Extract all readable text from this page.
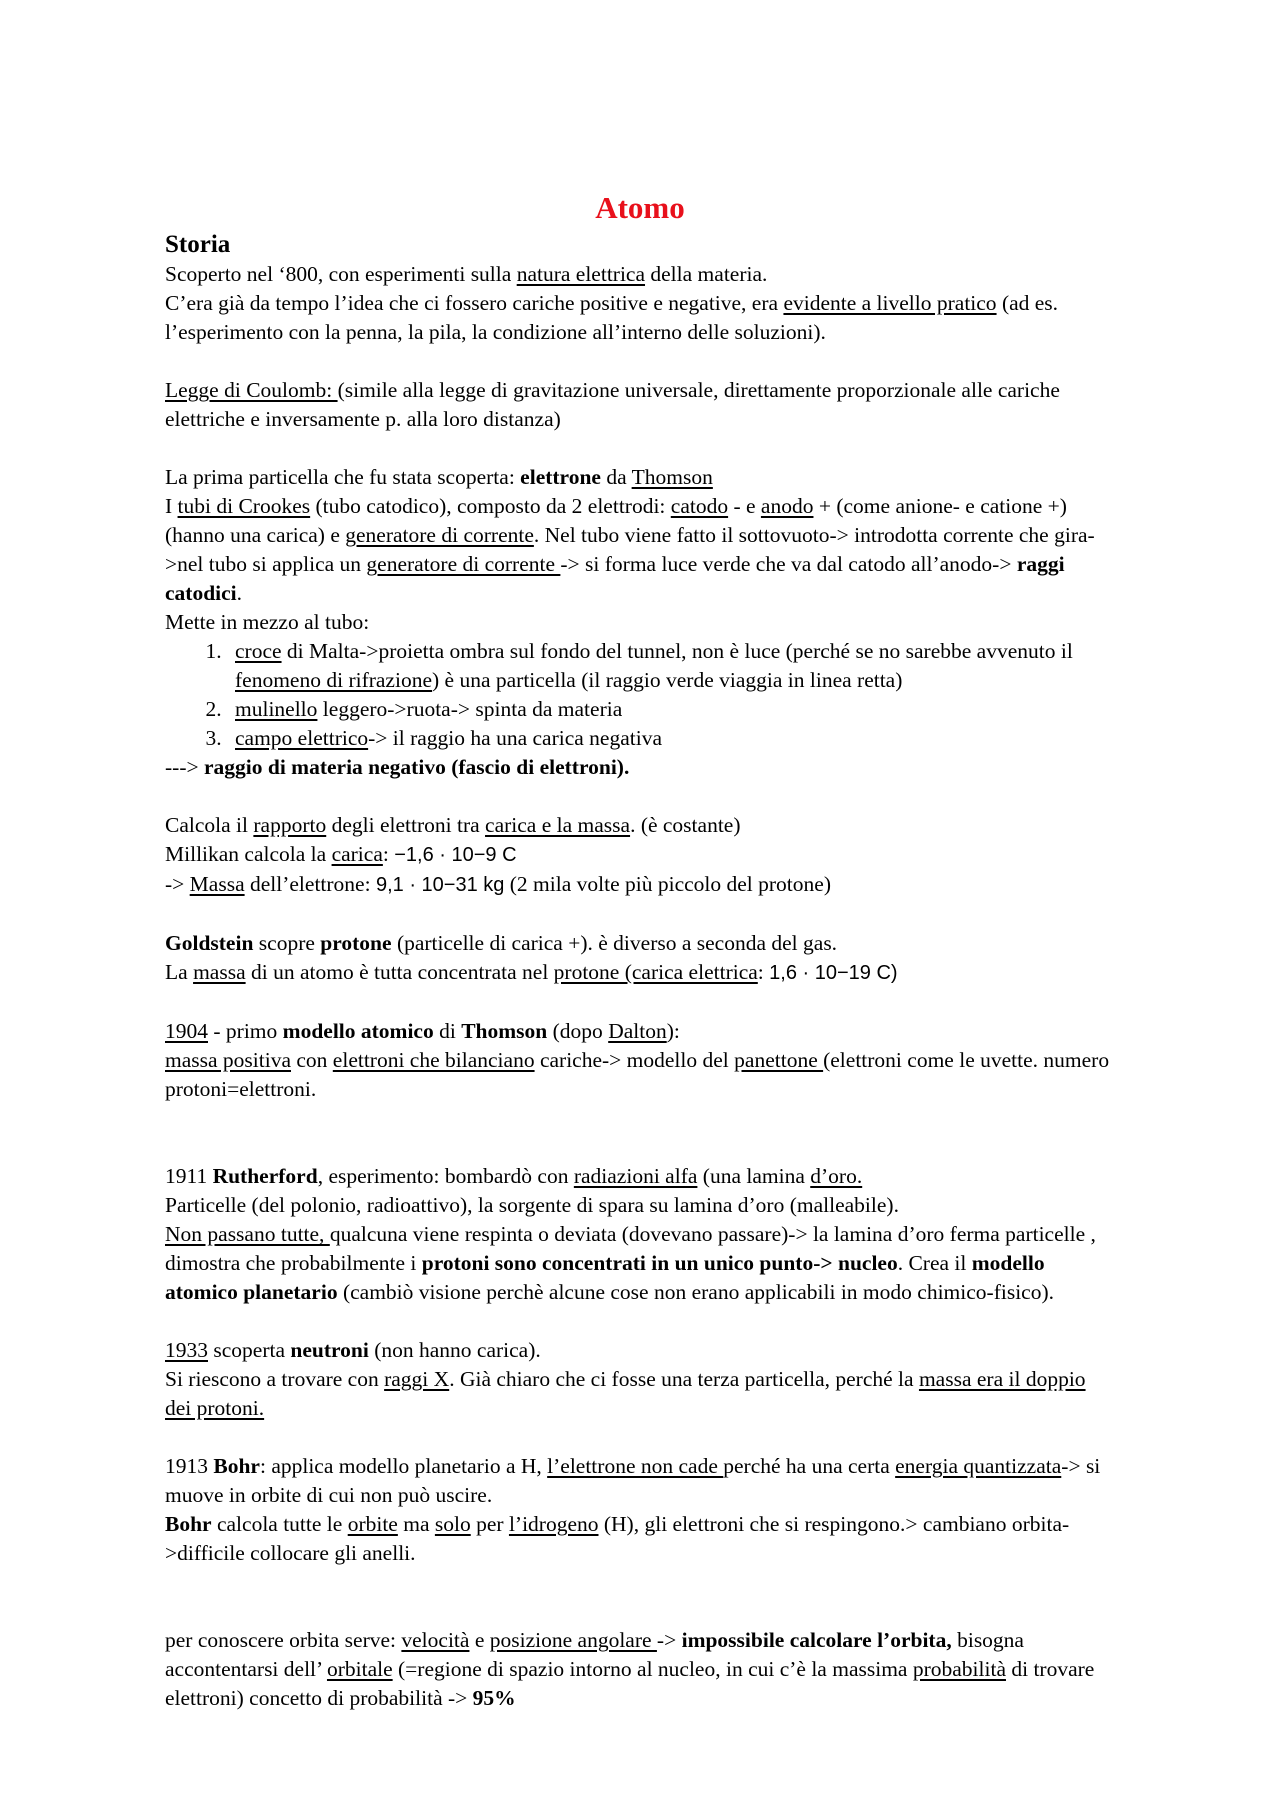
Atomo
Storia

Scoperto nel ‘800, con esperimenti sulla natura elettrica della materia.

C’era già da tempo l’idea che ci fossero cariche positive e negative, era evidente a livello pratico (ad es. l’esperimento con la penna, la pila, la condizione all’interno delle soluzioni).

Legge di Coulomb: (simile alla legge di gravitazione universale, direttamente proporzionale alle cariche elettriche e inversamente p. alla loro distanza)

La prima particella che fu stata scoperta: elettrone da Thomson

I tubi di Crookes (tubo catodico), composto da 2 elettrodi: catodo - e anodo + (come anione- e catione +) (hanno una carica) e generatore di corrente. Nel tubo viene fatto il sottovuoto-> introdotta corrente che gira->nel tubo si applica un generatore di corrente -> si forma luce verde che va dal catodo all’anodo-> raggi catodici.

Mette in mezzo al tubo:

1. croce di Malta->proietta ombra sul fondo del tunnel, non è luce (perché se no sarebbe avvenuto il fenomeno di rifrazione) è una particella (il raggio verde viaggia in linea retta)
2. mulinello leggero->ruota-> spinta da materia
3. campo elettrico-> il raggio ha una carica negativa

---> raggio di materia negativo (fascio di elettroni).

Calcola il rapporto degli elettroni tra carica e la massa. (è costante)

Millikan calcola la carica: −1,6 · 10−9 C

-> Massa dell’elettrone: 9,1 · 10−31 kg (2 mila volte più piccolo del protone)

Goldstein scopre protone (particelle di carica +). è diverso a seconda del gas.

La massa di un atomo è tutta concentrata nel protone (carica elettrica: 1,6 · 10−19 C)

1904 - primo modello atomico di Thomson (dopo Dalton):

massa positiva con elettroni che bilanciano cariche-> modello del panettone (elettroni come le uvette. numero protoni=elettroni.

1911 Rutherford, esperimento: bombardò con radiazioni alfa (una lamina d’oro.

Particelle (del polonio, radioattivo), la sorgente di spara su lamina d’oro (malleabile).

Non passano tutte, qualcuna viene respinta o deviata (dovevano passare)-> la lamina d’oro ferma particelle , dimostra che probabilmente i protoni sono concentrati in un unico punto-> nucleo. Crea il modello atomico planetario (cambiò visione perchè alcune cose non erano applicabili in modo chimico-fisico).

1933 scoperta neutroni (non hanno carica).

Si riescono a trovare con raggi X. Già chiaro che ci fosse una terza particella, perché la massa era il doppio dei protoni.

1913 Bohr: applica modello planetario a H, l’elettrone non cade perché ha una certa energia quantizzata-> si muove in orbite di cui non può uscire.

Bohr calcola tutte le orbite ma solo per l’idrogeno (H), gli elettroni che si respingono.> cambiano orbita->difficile collocare gli anelli.

per conoscere orbita serve: velocità e posizione angolare -> impossibile calcolare l’orbita, bisogna accontentarsi dell’ orbitale (=regione di spazio intorno al nucleo, in cui c’è la massima probabilità di trovare elettroni) concetto di probabilità -> 95%
